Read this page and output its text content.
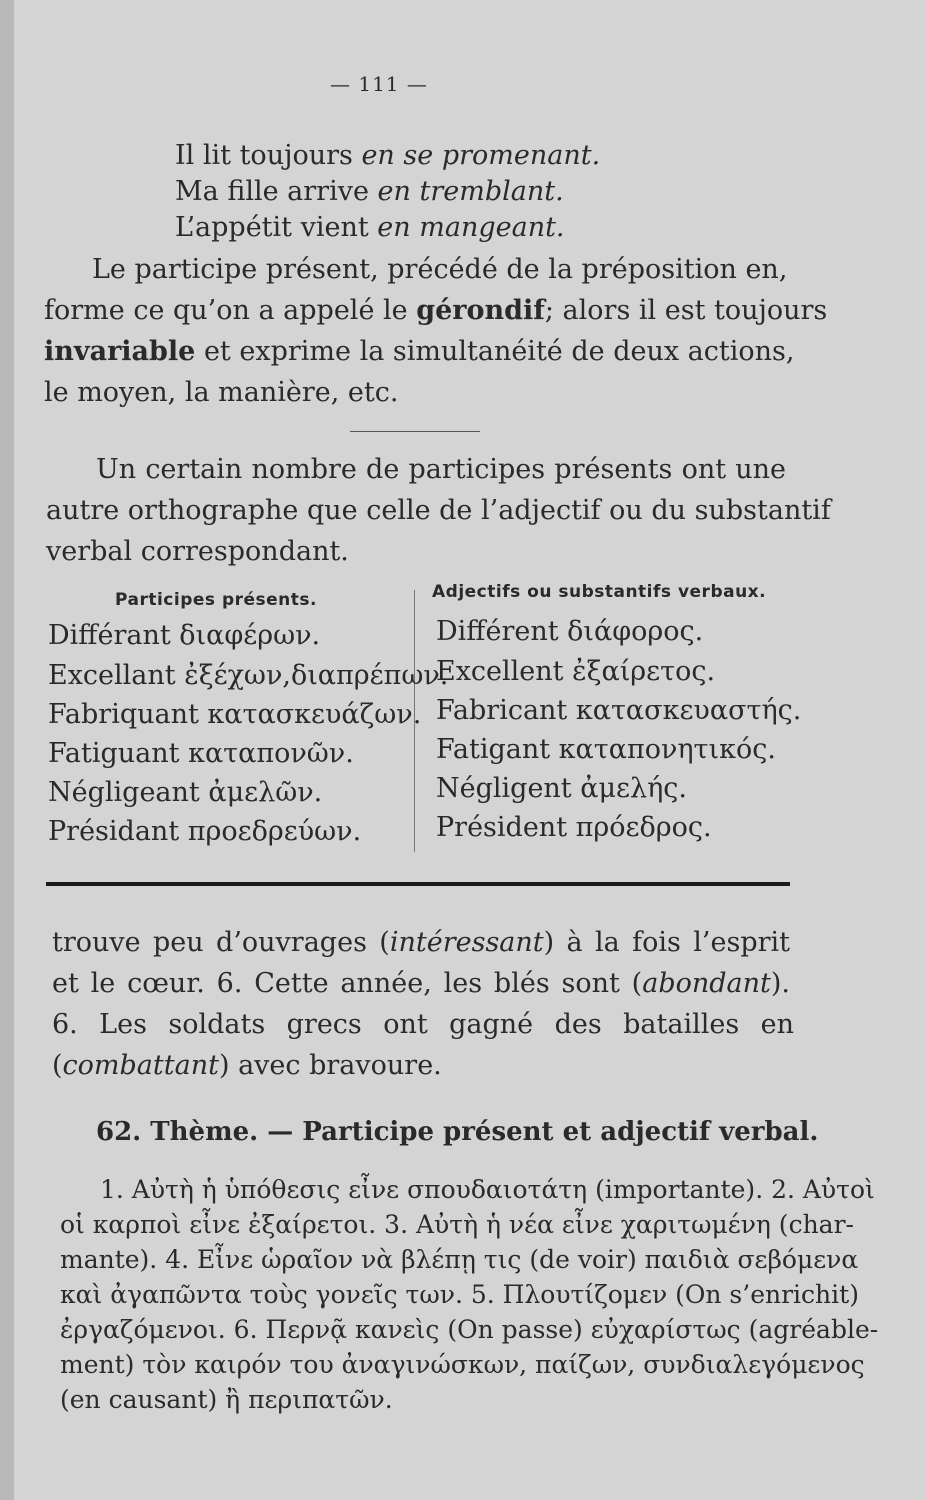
— 111 —
Il lit toujours en se promenant.
Ma fille arrive en tremblant.
L’appétit vient en mangeant.
Le participe présent, précédé de la préposition en,
forme ce qu’on a appelé le gérondif; alors il est toujours
invariable et exprime la simultanéité de deux actions,
le moyen, la manière, etc.
Un certain nombre de participes présents ont une
autre orthographe que celle de l’adjectif ou du substantif
verbal correspondant.
Participes présents.	Adjectifs ou substantifs verbaux.
Différant διαφέρων.
Excellant ἐξέχων,διαπρέπων.
Fabriquant κατασκευάζων.
Fatiguant καταπονῶν.
Négligeant ἀμελῶν.
Présidant προεδρεύων.
Différent διάφορος.
Excellent ἐξαίρετος.
Fabricant κατασκευαστής.
Fatigant καταπονητικός.
Négligent ἀμελής.
Président πρόεδρος.
trouve peu d’ouvrages (intéressant) à la fois l’esprit
et le cœur. 6. Cette année, les blés sont (abondant).
6. Les soldats grecs ont gagné des batailles en
(combattant) avec bravoure.
62. Thème. — Participe présent et adjectif verbal.
1. Αὐτὴ ἡ ὑπόθεσις εἶνε σπουδαιοτάτη (importante). 2. Αὐτοὶ
οἱ καρποὶ εἶνε ἐξαίρετοι. 3. Αὐτὴ ἡ νέα εἶνε χαριτωμένη (char-
mante). 4. Εἶνε ὡραῖον νὰ βλέπῃ τις (de voir) παιδιὰ σεβόμενα
καὶ ἀγαπῶντα τοὺς γονεῖς των. 5. Πλουτίζομεν (On s’enrichit)
ἐργαζόμενοι. 6. Περνᾷ κανεὶς (On passe) εὐχαρίστως (agréable-
ment) τὸν καιρόν του ἀναγινώσκων, παίζων, συνδιαλεγόμενος
(en causant) ἢ περιπατῶν.
